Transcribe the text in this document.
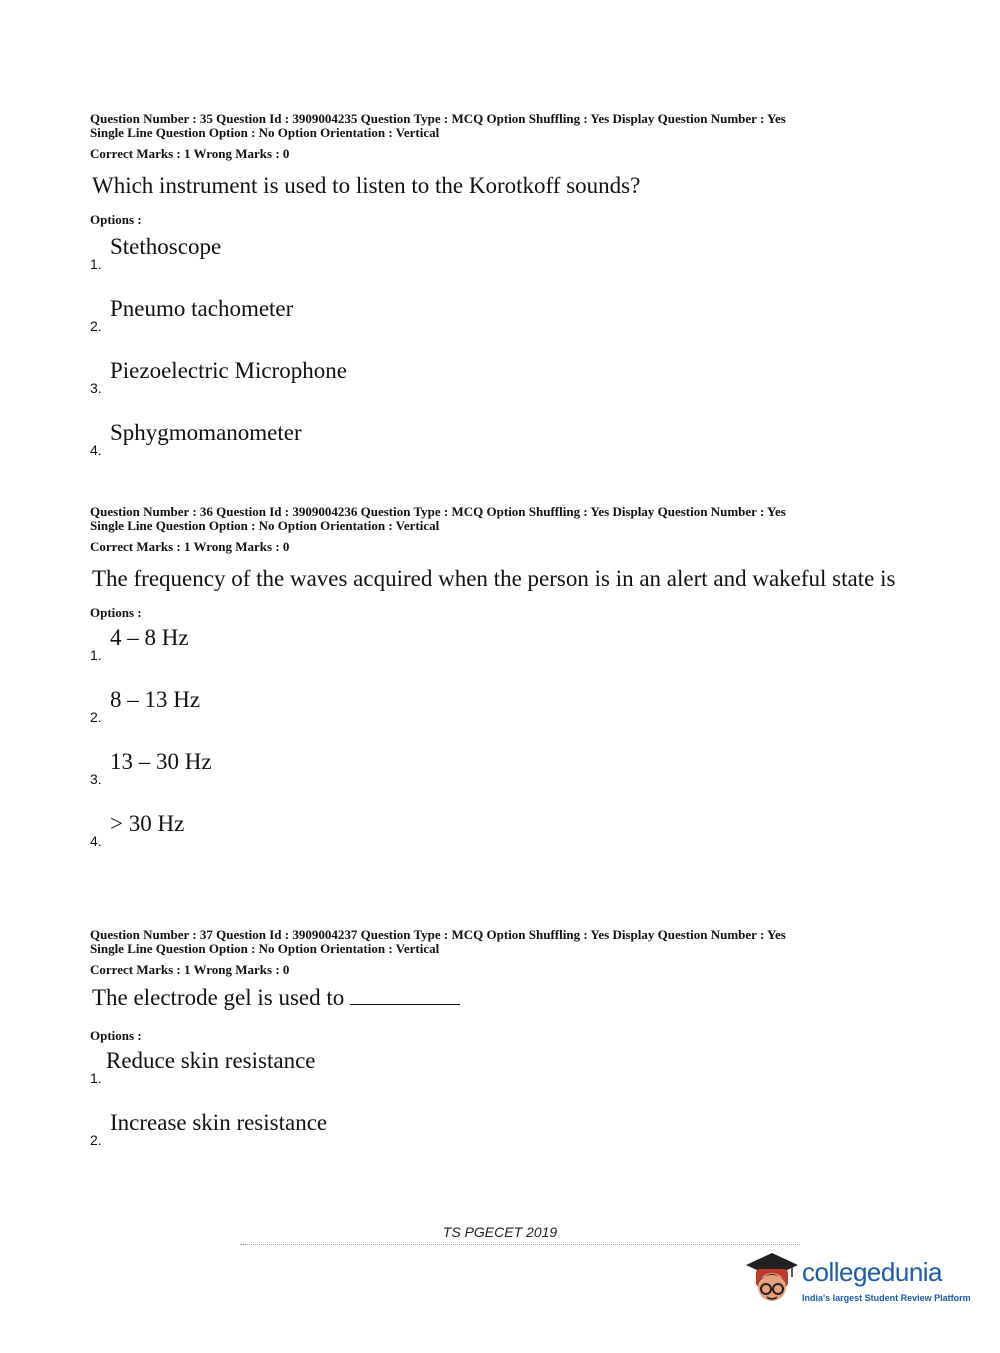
Question Number : 35 Question Id : 3909004235 Question Type : MCQ Option Shuffling : Yes Display Question Number : Yes

Single Line Question Option : No Option Orientation : Vertical

Correct Marks : 1 Wrong Marks : 0
Which instrument is used to listen to the Korotkoff sounds?
Options :
1.
Stethoscope
2.
Pneumo tachometer
3.
Piezoelectric Microphone
4.
Sphygmomanometer

Question Number : 36 Question Id : 3909004236 Question Type : MCQ Option Shuffling : Yes Display Question Number : Yes

Single Line Question Option : No Option Orientation : Vertical

Correct Marks : 1 Wrong Marks : 0
The frequency of the waves acquired when the person is in an alert and wakeful state is
Options :
1.
4 – 8 Hz
2.
8 – 13 Hz
3.
13 – 30 Hz
4.
> 30 Hz

Question Number : 37 Question Id : 3909004237 Question Type : MCQ Option Shuffling : Yes Display Question Number : Yes

Single Line Question Option : No Option Orientation : Vertical

Correct Marks : 1 Wrong Marks : 0
The electrode gel is used to
Options :
1.
Reduce skin resistance
2.
Increase skin resistance
TS PGECET 2019
collegedunia
India's largest Student Review Platform
